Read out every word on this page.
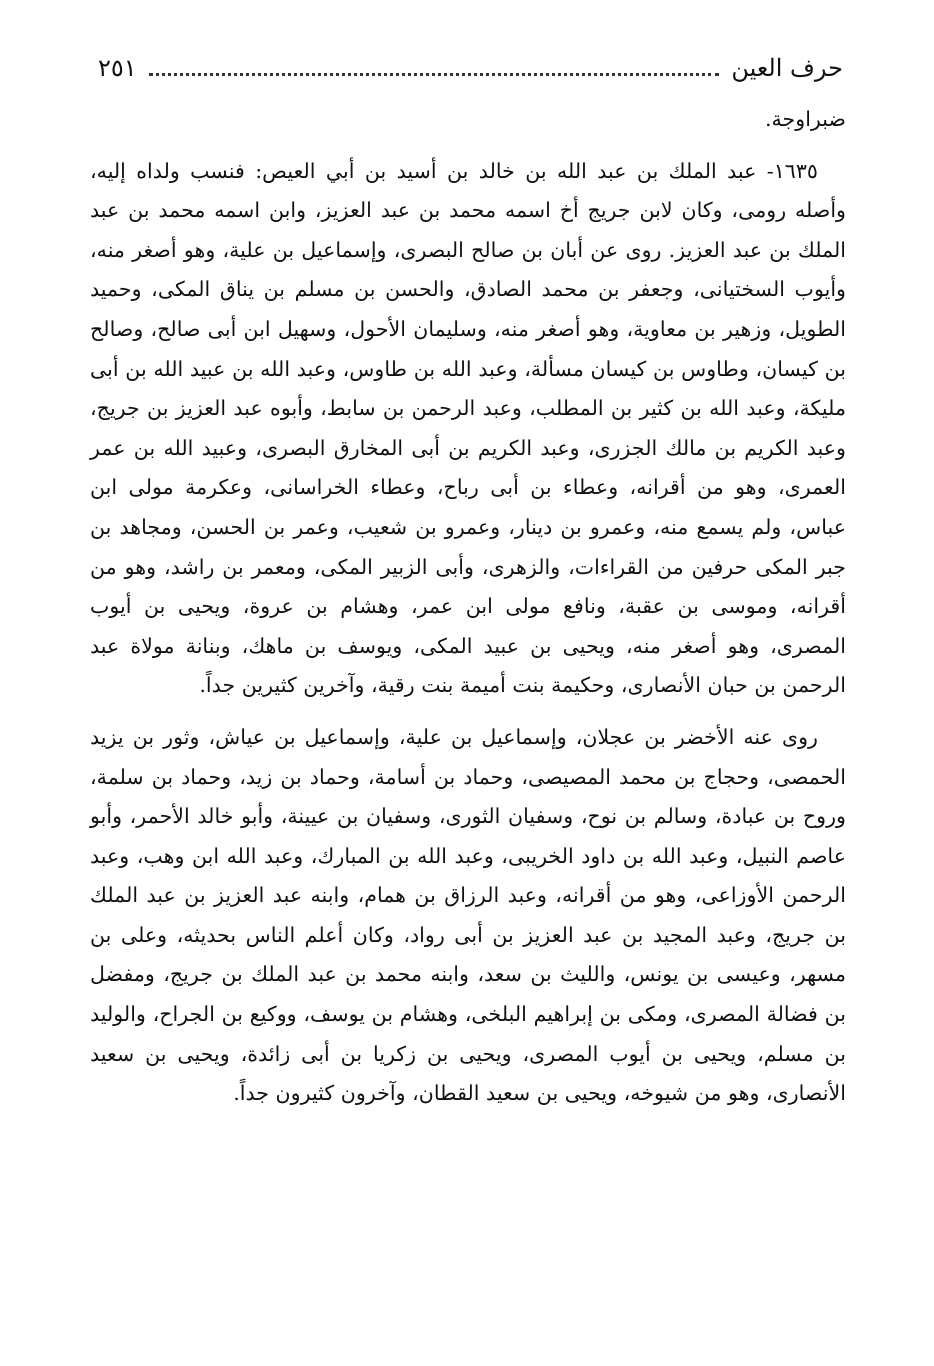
حرف العين
٢٥١

ضبراوجة.

١٦٣٥- عبد الملك بن عبد الله بن خالد بن أسيد بن أبي العيص: فنسب ولداه إليه، وأصله رومى، وكان لابن جريج أخ اسمه محمد بن عبد العزيز، وابن اسمه محمد بن عبد الملك بن عبد العزيز. روى عن أبان بن صالح البصرى، وإسماعيل بن علية، وهو أصغر منه، وأيوب السختيانى، وجعفر بن محمد الصادق، والحسن بن مسلم بن يناق المكى، وحميد الطويل، وزهير بن معاوية، وهو أصغر منه، وسليمان الأحول، وسهيل ابن أبى صالح، وصالح بن كيسان، وطاوس بن كيسان مسألة، وعبد الله بن طاوس، وعبد الله بن عبيد الله بن أبى مليكة، وعبد الله بن كثير بن المطلب، وعبد الرحمن بن سابط، وأبوه عبد العزيز بن جريج، وعبد الكريم بن مالك الجزرى، وعبد الكريم بن أبى المخارق البصرى، وعبيد الله بن عمر العمرى، وهو من أقرانه، وعطاء بن أبى رباح، وعطاء الخراسانى، وعكرمة مولى ابن عباس، ولم يسمع منه، وعمرو بن دينار، وعمرو بن شعيب، وعمر بن الحسن، ومجاهد بن جبر المكى حرفين من القراءات، والزهرى، وأبى الزبير المكى، ومعمر بن راشد، وهو من أقرانه، وموسى بن عقبة، ونافع مولى ابن عمر، وهشام بن عروة، ويحيى بن أيوب المصرى، وهو أصغر منه، ويحيى بن عبيد المكى، ويوسف بن ماهك، وبنانة مولاة عبد الرحمن بن حبان الأنصارى، وحكيمة بنت أميمة بنت رقية، وآخرين كثيرين جداً.

روى عنه الأخضر بن عجلان، وإسماعيل بن علية، وإسماعيل بن عياش، وثور بن يزيد الحمصى، وحجاج بن محمد المصيصى، وحماد بن أسامة، وحماد بن زيد، وحماد بن سلمة، وروح بن عبادة، وسالم بن نوح، وسفيان الثورى، وسفيان بن عيينة، وأبو خالد الأحمر، وأبو عاصم النبيل، وعبد الله بن داود الخريبى، وعبد الله بن المبارك، وعبد الله ابن وهب، وعبد الرحمن الأوزاعى، وهو من أقرانه، وعبد الرزاق بن همام، وابنه عبد العزيز بن عبد الملك بن جريج، وعبد المجيد بن عبد العزيز بن أبى رواد، وكان أعلم الناس بحديثه، وعلى بن مسهر، وعيسى بن يونس، والليث بن سعد، وابنه محمد بن عبد الملك بن جريج، ومفضل بن فضالة المصرى، ومكى بن إبراهيم البلخى، وهشام بن يوسف، ووكيع بن الجراح، والوليد بن مسلم، ويحيى بن أيوب المصرى، ويحيى بن زكريا بن أبى زائدة، ويحيى بن سعيد الأنصارى، وهو من شيوخه، ويحيى بن سعيد القطان، وآخرون كثيرون جداً.
